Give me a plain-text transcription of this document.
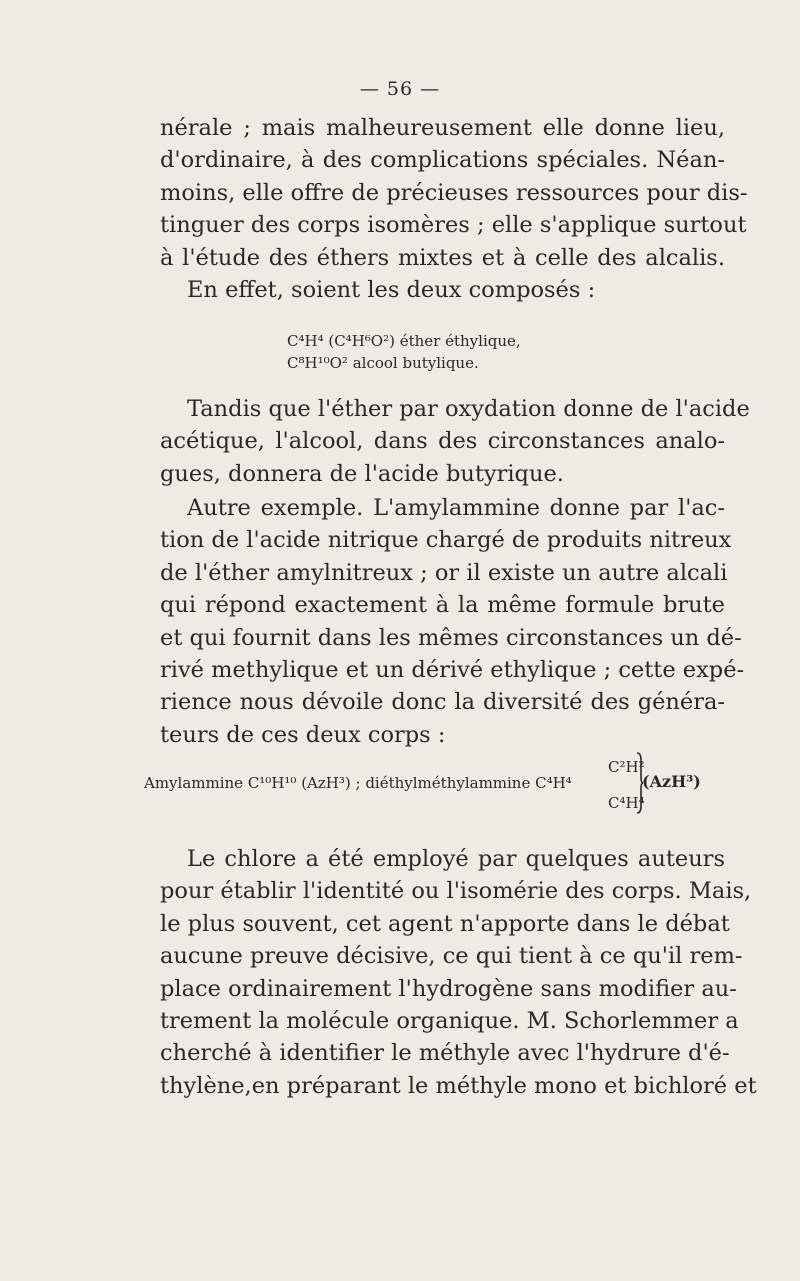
— 56 —
nérale ; mais malheureusement elle donne lieu,
d'ordinaire, à des complications spéciales. Néan-
moins, elle offre de précieuses ressources pour dis-
tinguer des corps isomères ; elle s'applique surtout
à l'étude des éthers mixtes et à celle des alcalis.
En effet, soient les deux composés :
C⁴H⁴ (C⁴H⁶O²) éther éthylique,
C⁸H¹⁰O² alcool butylique.
Tandis que l'éther par oxydation donne de l'acide
acétique, l'alcool, dans des circonstances analo-
gues, donnera de l'acide butyrique.
Autre exemple. L'amylammine donne par l'ac-
tion de l'acide nitrique chargé de produits nitreux
de l'éther amylnitreux ; or il existe un autre alcali
qui répond exactement à la même formule brute
et qui fournit dans les mêmes circonstances un dé-
rivé methylique et un dérivé ethylique ; cette expé-
rience nous dévoile donc la diversité des généra-
teurs de ces deux corps :
Amylammine C¹⁰H¹⁰ (AzH³) ; diéthylméthylammine C⁴H⁴
C²H²
C⁴H⁴
(AzH³)
Le chlore a été employé par quelques auteurs
pour établir l'identité ou l'isomérie des corps. Mais,
le plus souvent, cet agent n'apporte dans le débat
aucune preuve décisive, ce qui tient à ce qu'il rem-
place ordinairement l'hydrogène sans modifier au-
trement la molécule organique. M. Schorlemmer a
cherché à identifier le méthyle avec l'hydrure d'é-
thylène,en préparant le méthyle mono et bichloré et
